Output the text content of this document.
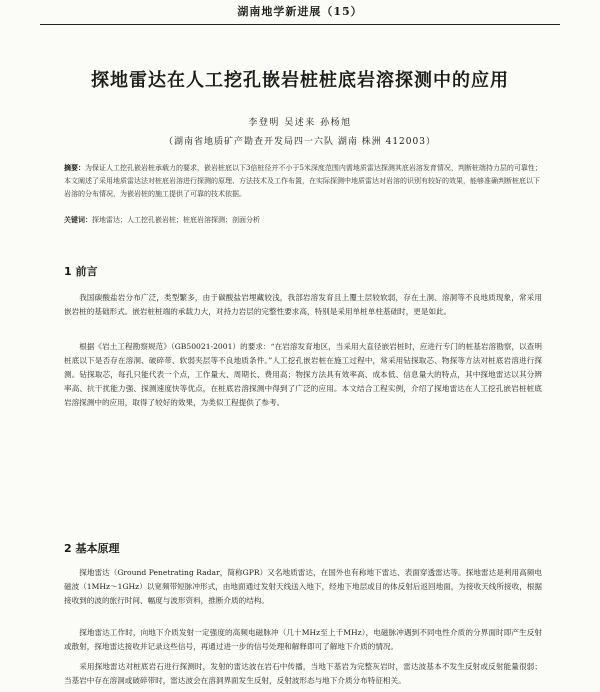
湖南地学新进展（15）
探地雷达在人工挖孔嵌岩桩桩底岩溶探测中的应用
李登明 吴述来 孙杨旭
（湖南省地质矿产勘查开发局四一六队 湖南 株洲 412003）
摘要：为保证人工挖孔嵌岩桩承载力的要求，嵌岩桩底以下3倍桩径并不小于5米深度范围内需地质雷达探测其底岩溶发育情况，判断桩端持力层的可靠性；本文阐述了采用地质雷达法对桩底岩溶进行探测的原理、方法技术及工作布置，在实际探测中地质雷达对岩溶的识别有较好的效果，能够准确判断桩底以下岩溶的分布情况，为嵌岩桩的施工提供了可靠的技术依据。
关键词：探地雷达；人工挖孔嵌岩桩；桩底岩溶探测；剖面分析
1 前言

我国碳酸盐岩分布广泛，类型繁多，由于碳酸盐岩埋藏较浅，我部岩溶发育且上覆土层较软弱，存在土洞、溶洞等不良地质现象，常采用嵌岩桩的基础形式。嵌岩桩桩端的承载力大，对持力岩层的完整性要求高，特别是采用单桩单柱基础时，更是如此。

根据《岩土工程勘察规范》（GB50021-2001）的要求：“在岩溶发育地区，当采用大直径嵌岩桩时，应进行专门的桩基岩溶勘察，以查明桩底以下是否存在溶洞、破碎带、软弱夹层等不良地质条件。”人工挖孔嵌岩桩在施工过程中，常采用钻探取芯、物探等方法对桩底岩溶进行探测。钻探取芯，每孔只能代表一个点，工作量大、周期长、费用高；物探方法具有效率高、成本低、信息量大的特点，其中探地雷达以其分辨率高、抗干扰能力强、探测速度快等优点，在桩底岩溶探测中得到了广泛的应用。本文结合工程实例，介绍了探地雷达在人工挖孔嵌岩桩桩底岩溶探测中的应用，取得了较好的效果，为类似工程提供了参考。

2 基本原理

探地雷达（Ground Penetrating Radar，简称GPR）又名地质雷达，在国外也有称地下雷达、表面穿透雷达等。探地雷达是利用高频电磁波（1MHz～1GHz）以宽频带短脉冲形式，由地面通过发射天线送入地下，经地下地层或目的体反射后返回地面，为接收天线所接收，根据接收到的波的旅行时间、幅度与波形资料，推断介质的结构。

探地雷达工作时，向地下介质发射一定强度的高频电磁脉冲（几十MHz至上千MHz），电磁脉冲遇到不同电性介质的分界面时即产生反射或散射，探地雷达接收并记录这些信号，再通过进一步的信号处理和解释即可了解地下介质的情况。

采用探地雷达对桩底岩石进行探测时，发射的雷达波在岩石中传播，当地下基岩为完整灰岩时，雷达波基本不发生反射或反射能量很弱；当基岩中存在溶洞或破碎带时，雷达波会在溶洞界面发生反射，反射波形态与地下介质分布特征相关。
